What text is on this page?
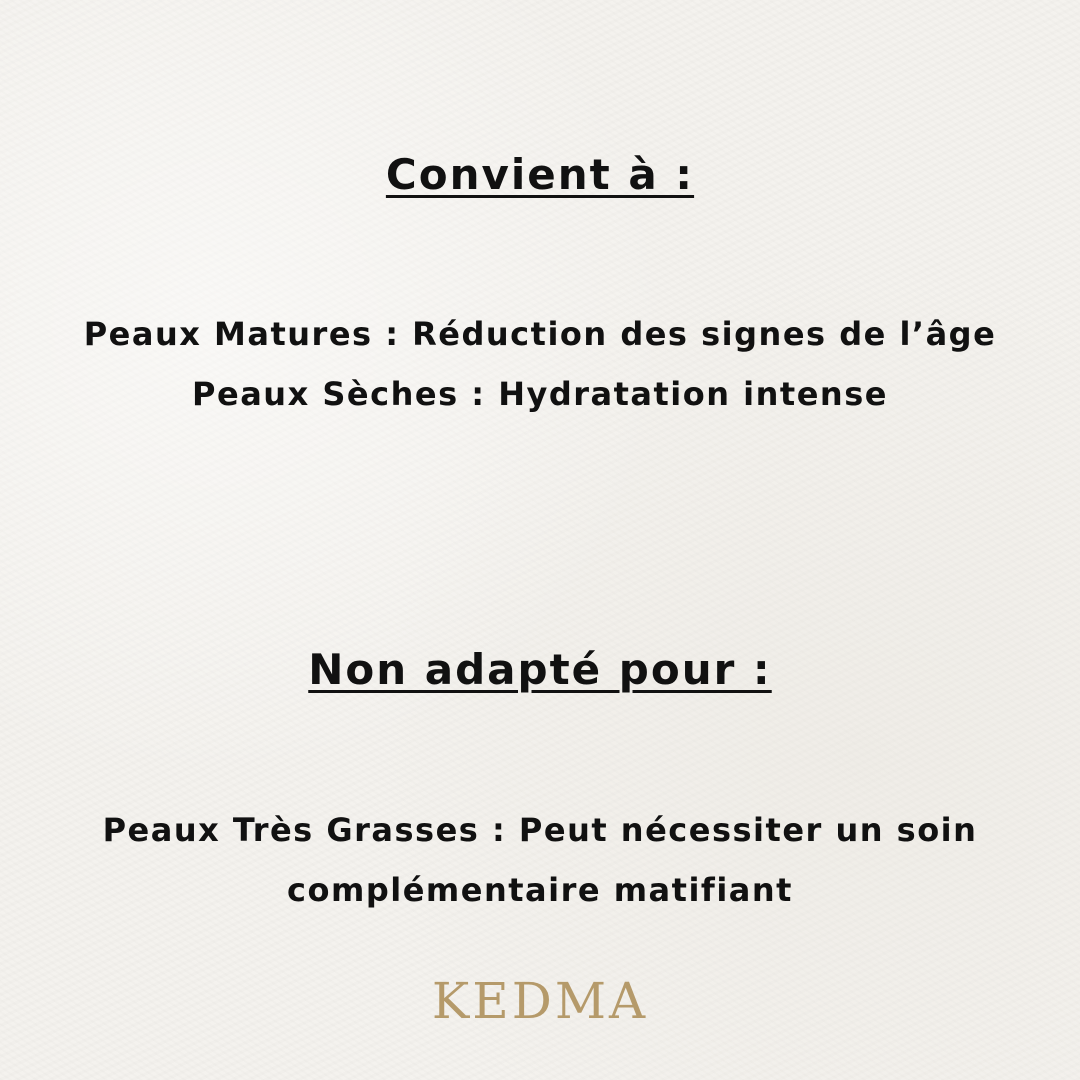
Convient à :

Peaux Matures : Réduction des signes de l’âge

Peaux Sèches : Hydratation intense

Non adapté pour :

Peaux Très Grasses : Peut nécessiter un soin

complémentaire matifiant

KEDMA
